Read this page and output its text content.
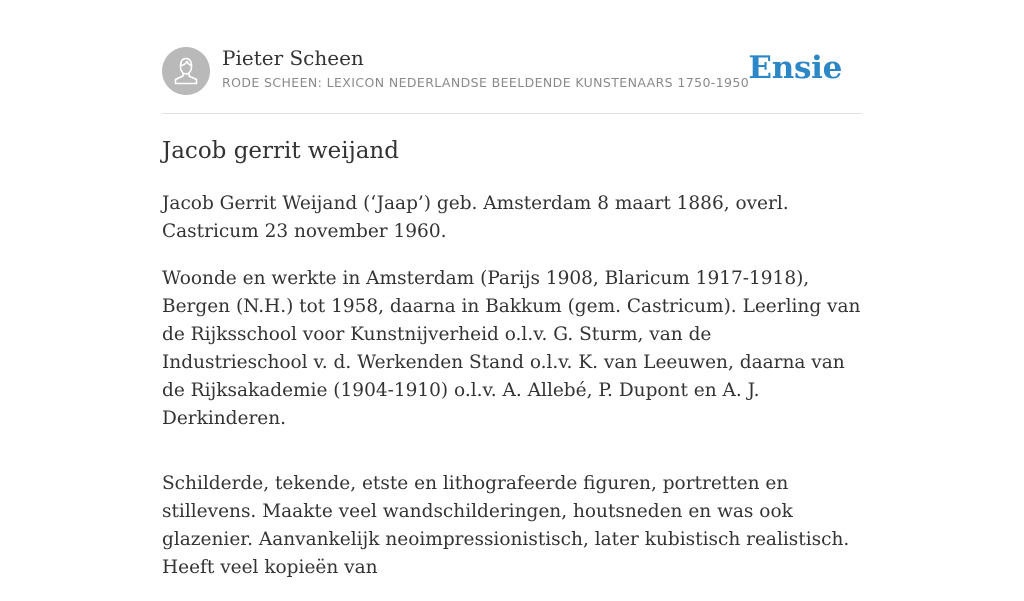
Pieter Scheen
RODE SCHEEN: LEXICON NEDERLANDSE BEELDENDE KUNSTENAARS 1750-1950 Ensie
Jacob gerrit weijand

Jacob Gerrit Weijand (‘Jaap’) geb. Amsterdam 8 maart 1886, overl. Castricum 23 november 1960.

Woonde en werkte in Amsterdam (Parijs 1908, Blaricum 1917-1918), Bergen (N.H.) tot 1958, daarna in Bakkum (gem. Castricum). Leerling van de Rijksschool voor Kunstnijverheid o.l.v. G. Sturm, van de Industrieschool v. d. Werkenden Stand o.l.v. K. van Leeuwen, daarna van de Rijksakademie (1904-1910) o.l.v. A. Allebé, P. Dupont en A. J. Derkinderen.

Schilderde, tekende, etste en lithografeerde figuren, portretten en stillevens. Maakte veel wandschilderingen, houtsneden en was ook glazenier. Aanvankelijk neoimpressionistisch, later kubistisch realistisch. Heeft veel kopieën van
